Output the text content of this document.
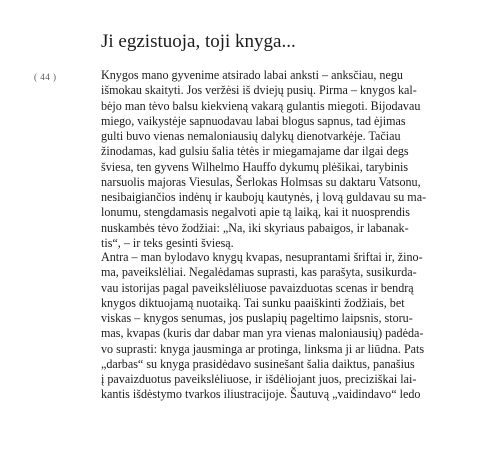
Ji egzistuoja, toji knyga...
( 44 )	Knygos mano gyvenime atsirado labai anksti – anksčiau, negu
išmokau skaityti. Jos veržėsi iš dviejų pusių. Pirma – knygos kal-
bėjo man tėvo balsu kiekvieną vakarą gulantis miegoti. Bijodavau
miego, vaikystėje sapnuodavau labai blogus sapnus, tad ėjimas
gulti buvo vienas nemaloniausių dalykų dienotvarkėje. Tačiau
žinodamas, kad gulsiu šalia tėtės ir miegamajame dar ilgai degs
šviesa, ten gyvens Wilhelmo Hauffo dykumų plėšikai, tarybinis
narsuolis majoras Viesulas, Šerlokas Holmsas su daktaru Vatsonu,
nesibaigiančios indėnų ir kaubojų kautynės, į lovą guldavau su ma-
lonumu, stengdamasis negalvoti apie tą laiką, kai it nuosprendis
nuskambės tėvo žodžiai: „Na, iki skyriaus pabaigos, ir labanak-
tis“, – ir teks gesinti šviesą.
Antra – man bylodavo knygų kvapas, nesuprantami šriftai ir, žino-
ma, paveikslėliai. Negalėdamas suprasti, kas parašyta, susikurda-
vau istorijas pagal paveikslėliuose pavaizduotas scenas ir bendrą
knygos diktuojamą nuotaiką. Tai sunku paaiškinti žodžiais, bet
viskas – knygos senumas, jos puslapių pageltimo laipsnis, storu-
mas, kvapas (kuris dar dabar man yra vienas maloniausių) padėda-
vo suprasti: knyga jausminga ar protinga, linksma ji ar liūdna. Pats
„darbas“ su knyga prasidėdavo susinešant šalia daiktus, panašius
į pavaizduotus paveikslėliuose, ir išdėliojant juos, preciziškai lai-
kantis išdėstymo tvarkos iliustracijoje. Šautuvą „vaidindavo“ ledo
